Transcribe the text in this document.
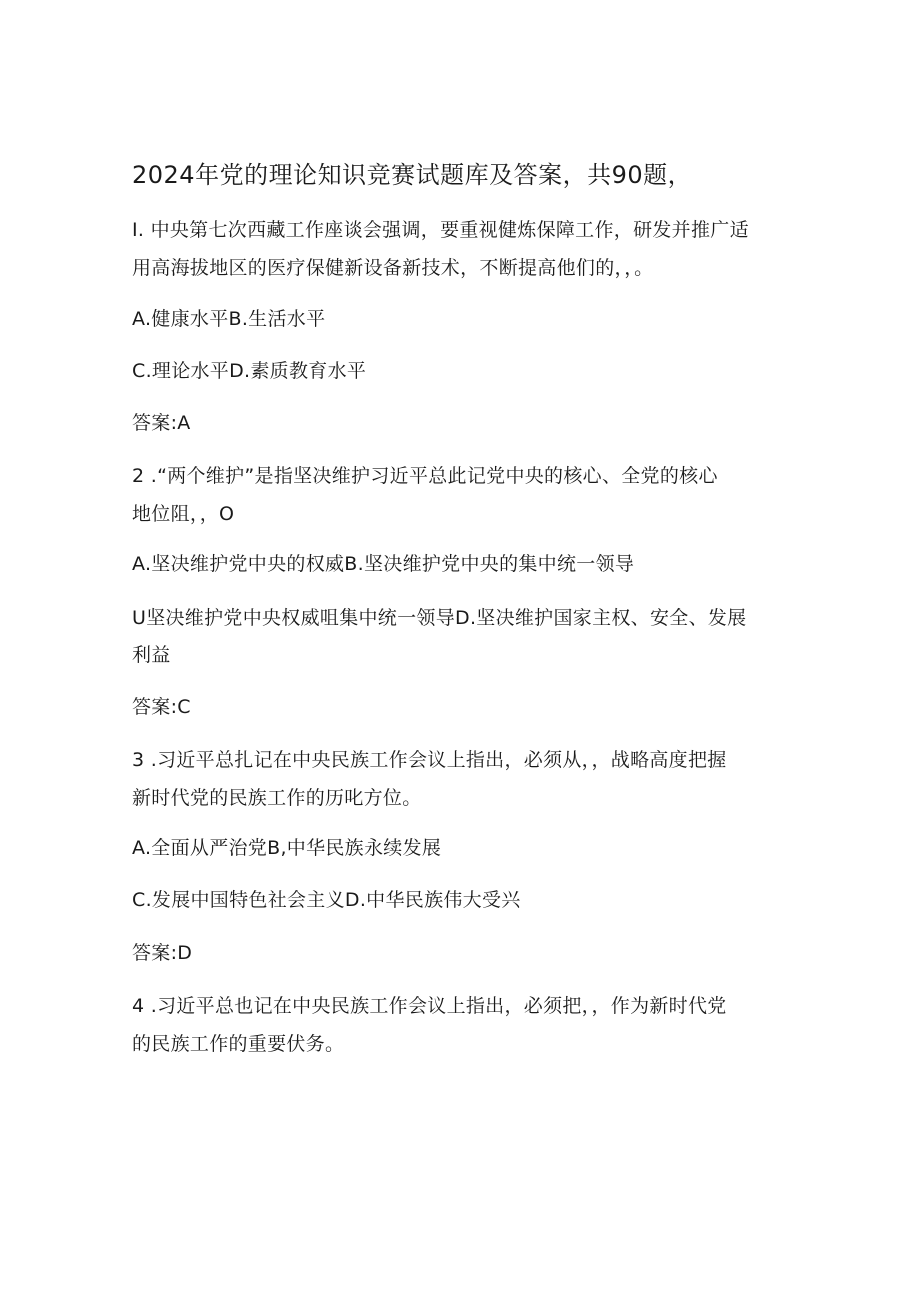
2024年党的理论知识竞赛试题库及答案，共90题，

I. 中央第七次西藏工作座谈会强调，要重视健炼保障工作，研发并推广适

用高海拔地区的医疗保健新设备新技术，不断提高他们的，，。

A.健康水平B.生活水平

C.理论水平D.素质教育水平

答案:A

2 .“两个维护”是指坚决维护习近平总此记党中央的核心、全党的核心

地位阻，，O

A.坚决维护党中央的权威B.坚决维护党中央的集中统一领导

U坚决维护党中央权威咀集中统一领导D.坚决维护国家主权、安全、发展

利益

答案:C

3 .习近平总扎记在中央民族工作会议上指出，必须从，，战略高度把握

新时代党的民族工作的历叱方位。

A.全面从严治党B,中华民族永续发展

C.发展中国特色社会主义D.中华民族伟大受兴

答案:D

4 .习近平总也记在中央民族工作会议上指出，必须把，，作为新时代党

的民族工作的重要伏务。
